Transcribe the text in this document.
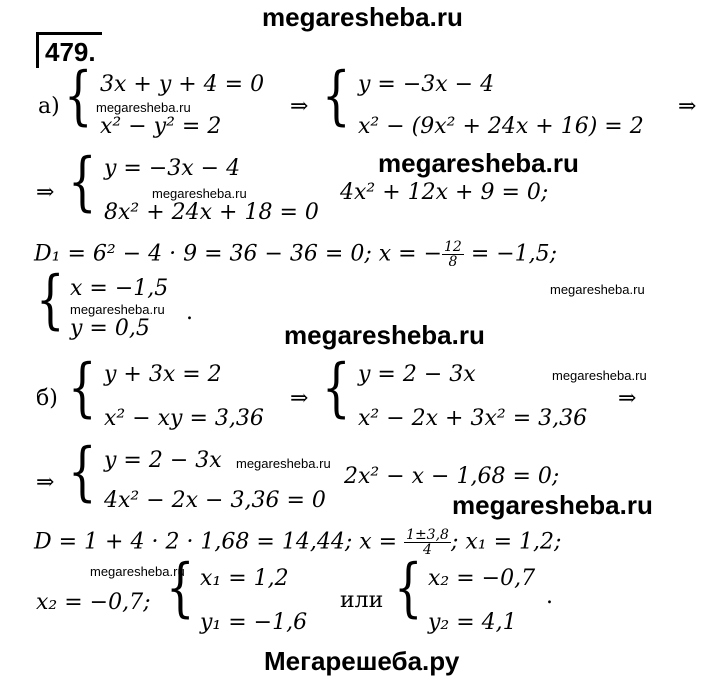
megaresheba.ru
479.
а) { 3x + y + 4 = 0
megaresheba.ru
x² − y² = 2
⇒ { y = −3x − 4
x² − (9x² + 24x + 16) = 2
⇒
⇒ { y = −3x − 4
megaresheba.ru
8x² + 24x + 18 = 0
megaresheba.ru
4x² + 12x + 9 = 0;
D₁ = 6² − 4 · 9 = 36 − 36 = 0; x = − $\frac{12}{8} = -1,5$;
{ x = −1,5
megaresheba.ru
y = 0,5
.
megaresheba.ru
megaresheba.ru
б) { y + 3x = 2
x² − xy = 3,36
⇒ { y = 2 − 3x
x² − 2x + 3x² = 3,36
megaresheba.ru
⇒
⇒ { y = 2 − 3x megaresheba.ru
4x² − 2x − 3,36 = 0
2x² − x − 1,68 = 0;
megaresheba.ru
D = 1 + 4 · 2 · 1,68 = 14,44; $x = \frac{1\pm 3,8}{4}$ ; x₁ = 1,2;
megaresheba.ru
x₂ = −0,7; { x₁ = 1,2
y₁ = −1,6
или { x₂ = −0,7
y₂ = 4,1
.
Мегарешеба.ру
